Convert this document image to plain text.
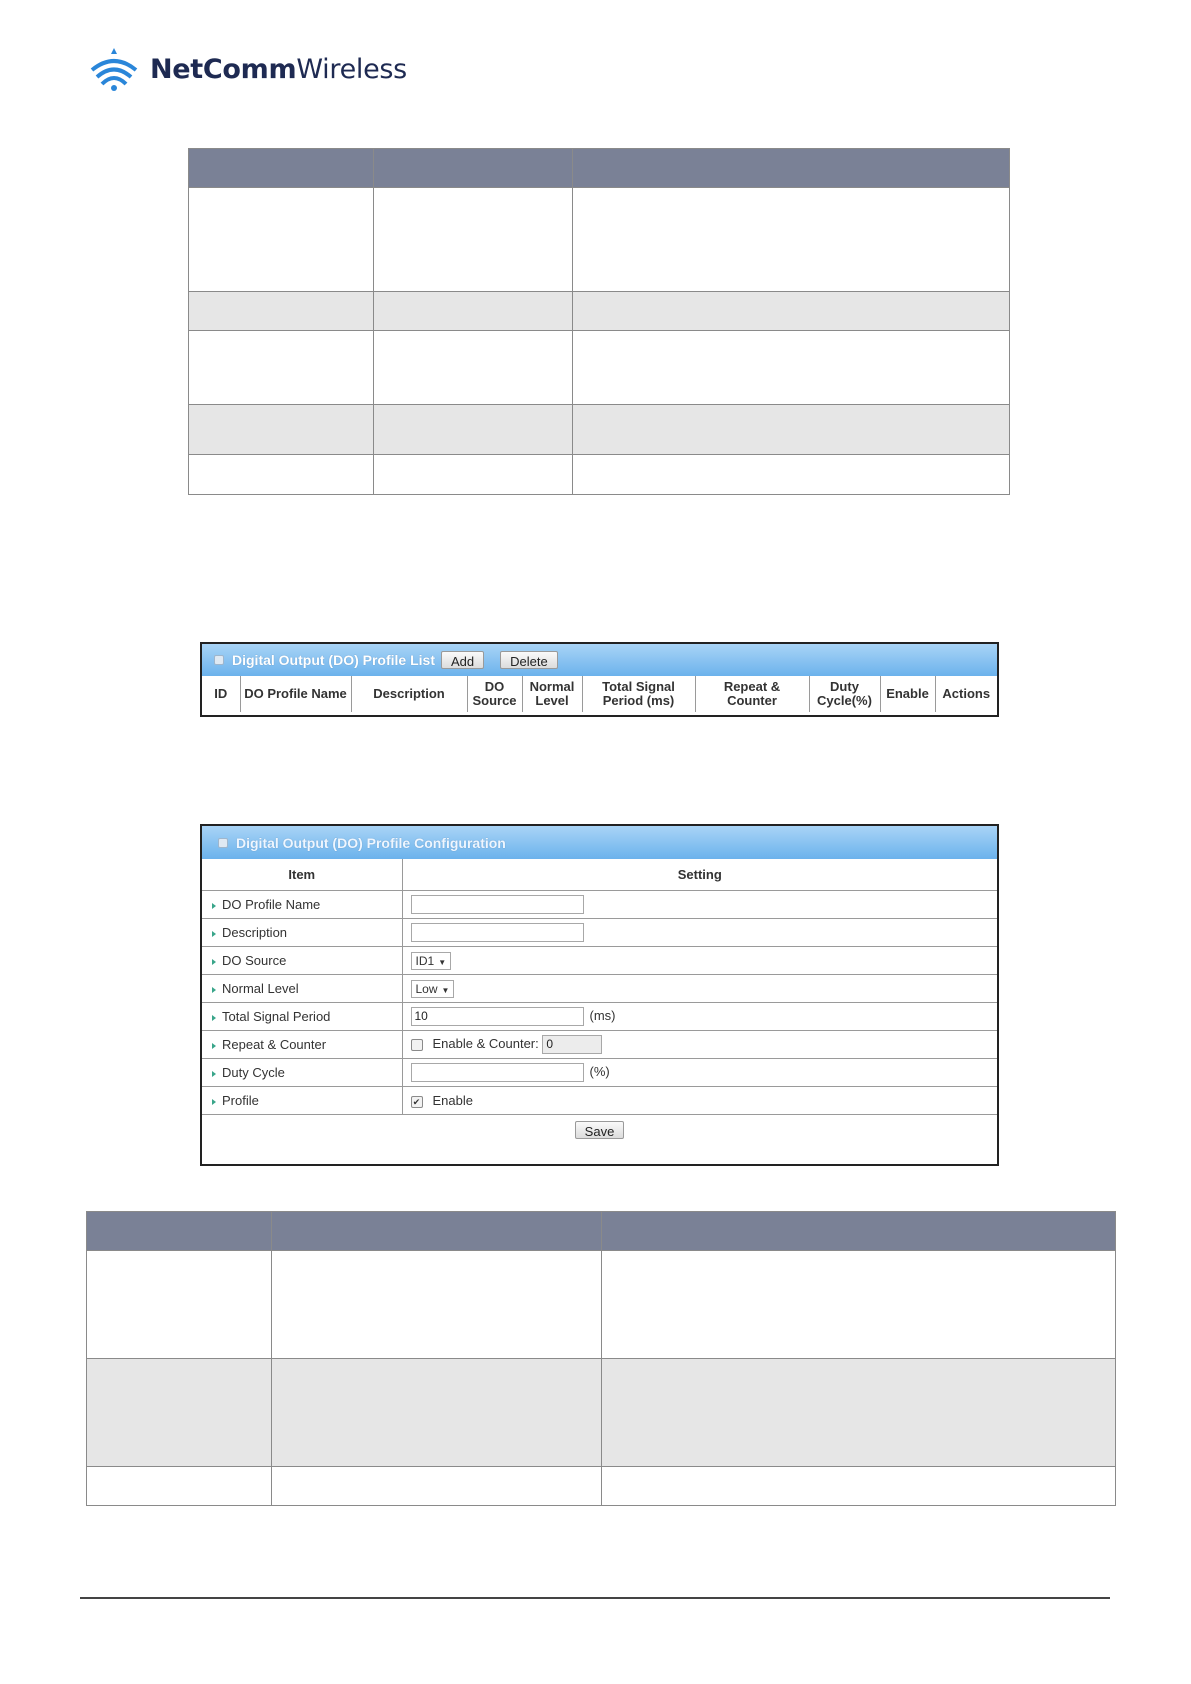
NetCommWireless

Digital Output (DO) Profile List	Add	Delete
ID	DO Profile Name	Description	DO Source	Normal Level	Total Signal Period (ms)	Repeat & Counter	Duty Cycle(%)	Enable	Actions
Digital Output (DO) Profile Configuration
Item	Setting
DO Profile Name	
Description	
DO Source	ID1 ▼
Normal Level	Low ▼
Total Signal Period	10 (ms)
Repeat & Counter	Enable & Counter: 0
Duty Cycle	(%)
Profile	✔ Enable
Save	
